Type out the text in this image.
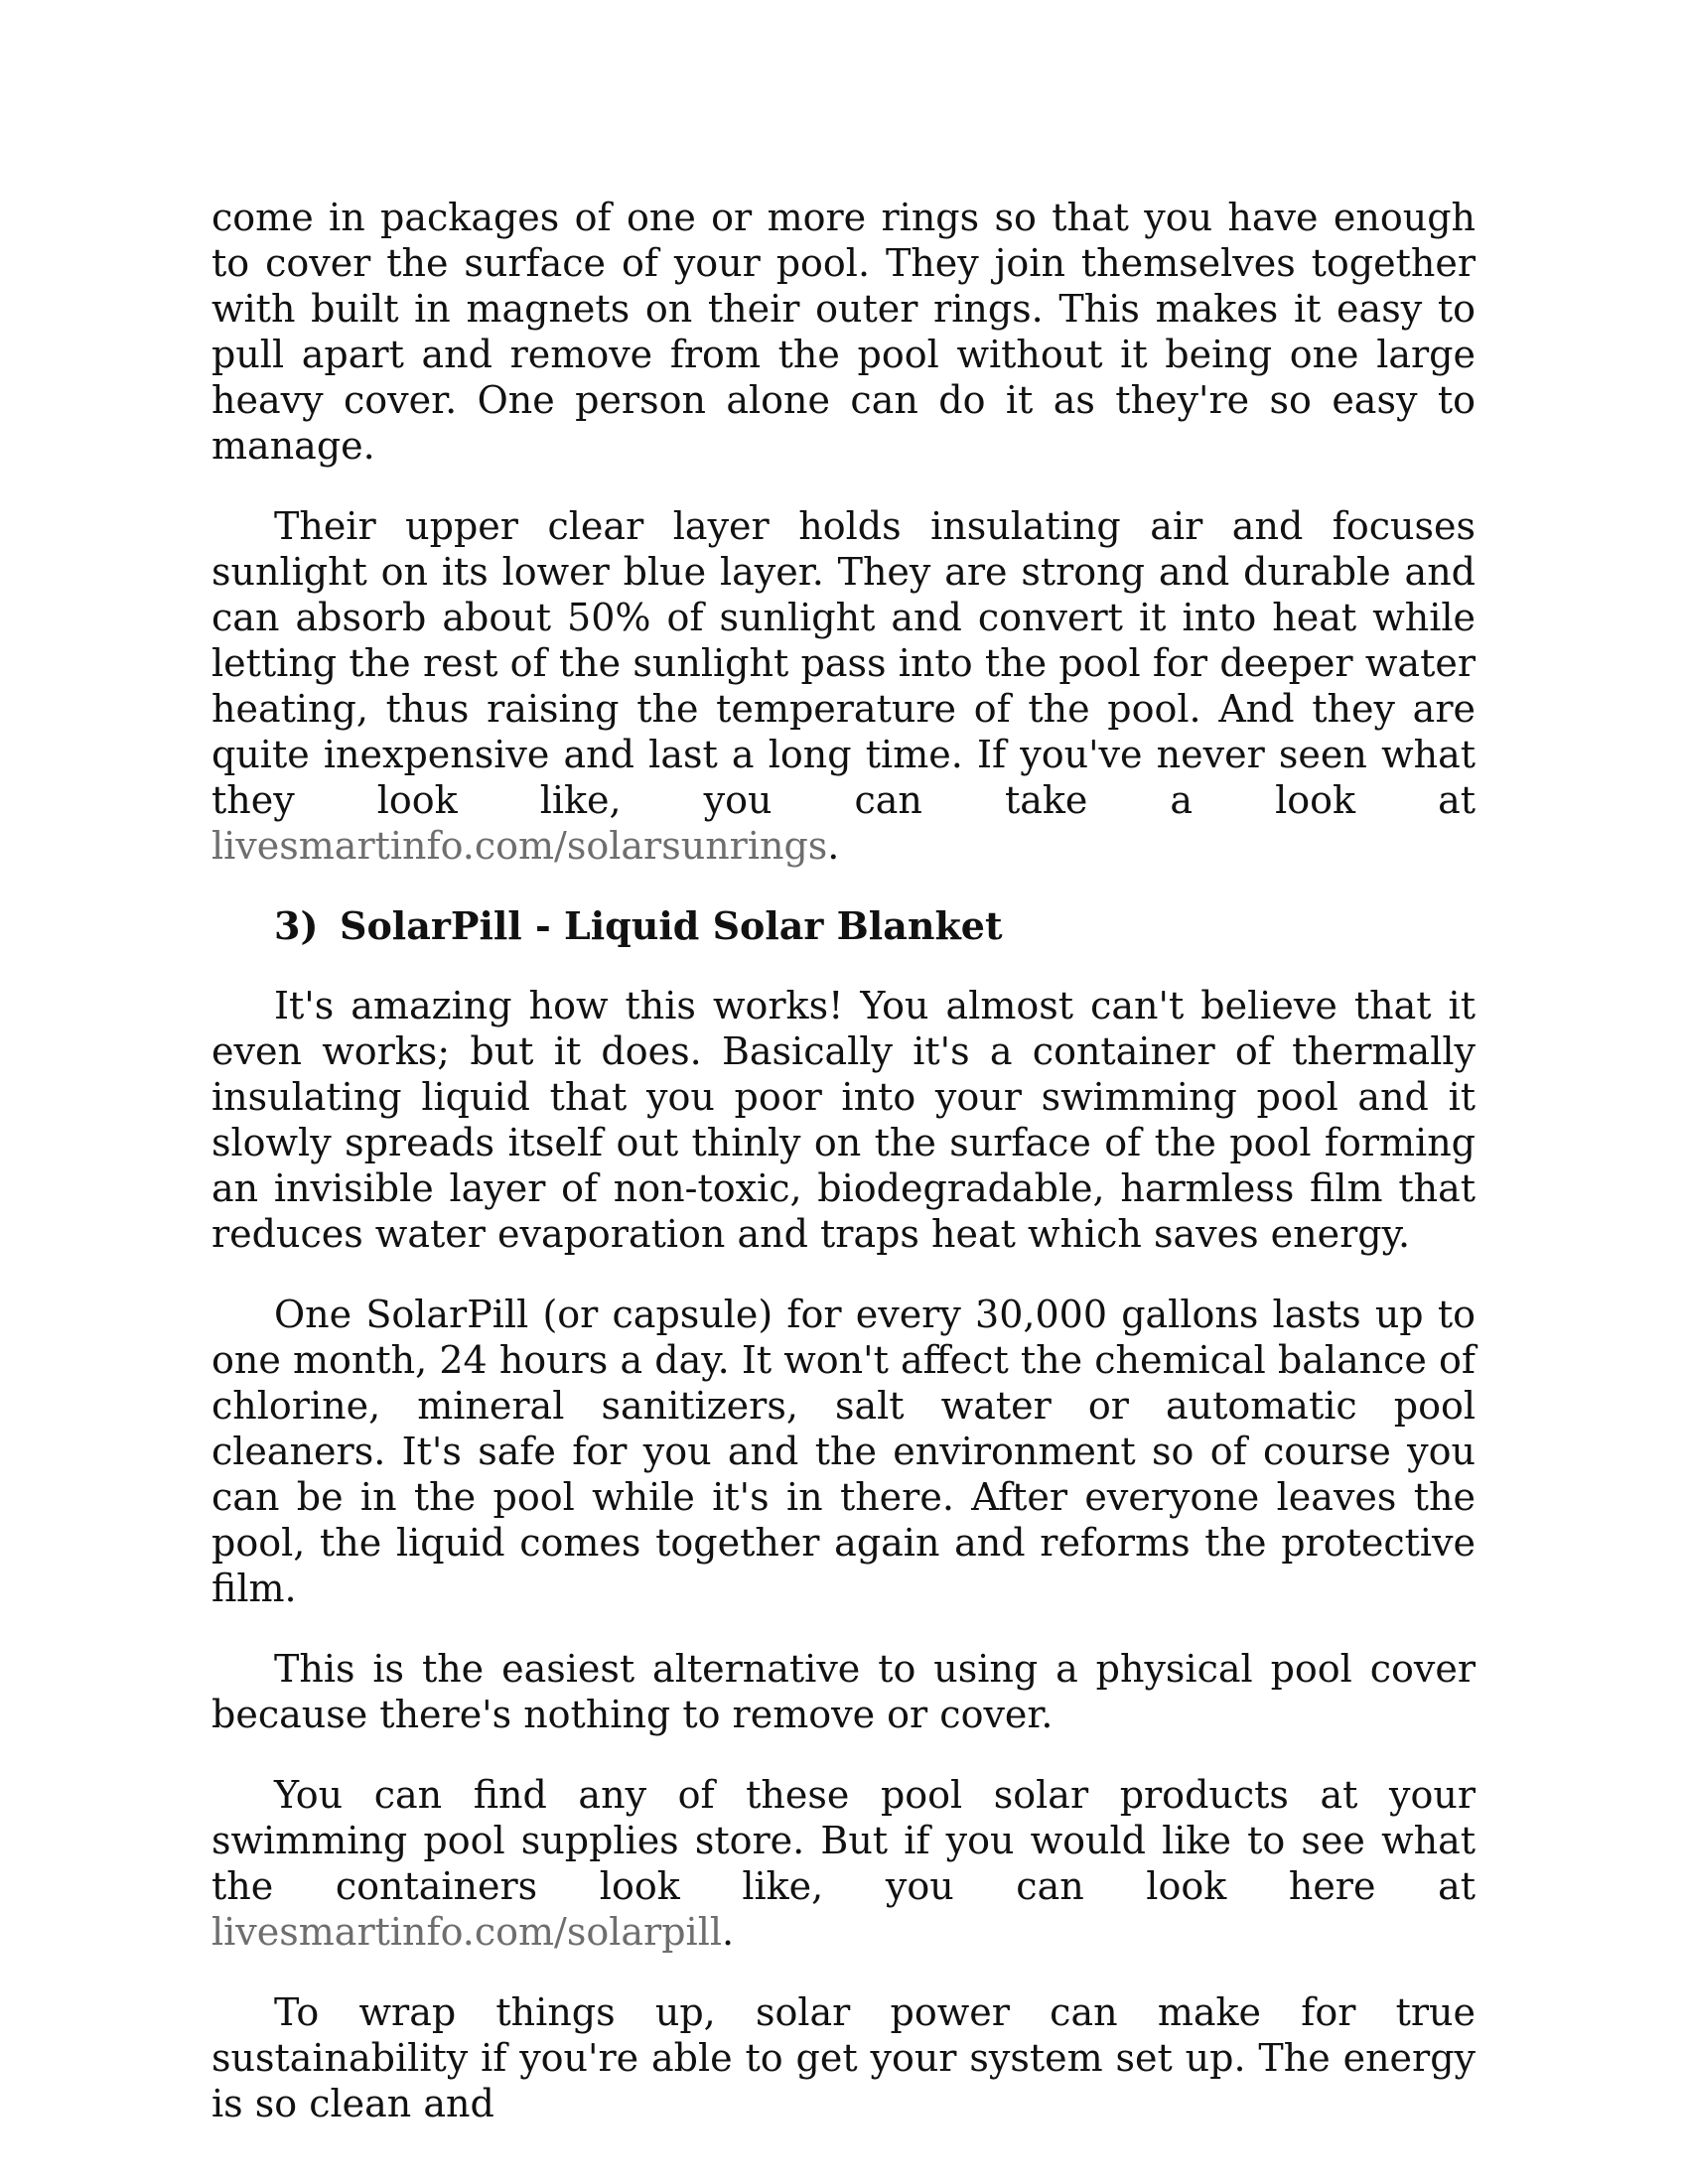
come in packages of one or more rings so that you have enough to cover the surface of your pool. They join themselves together with built in magnets on their outer rings. This makes it easy to pull apart and remove from the pool without it being one large heavy cover. One person alone can do it as they're so easy to manage.

Their upper clear layer holds insulating air and focuses sunlight on its lower blue layer. They are strong and durable and can absorb about 50% of sunlight and convert it into heat while letting the rest of the sunlight pass into the pool for deeper water heating, thus raising the temperature of the pool. And they are quite inexpensive and last a long time. If you've never seen what they look like, you can take a look at livesmartinfo.com/solarsunrings.

3) SolarPill - Liquid Solar Blanket

It's amazing how this works! You almost can't believe that it even works; but it does. Basically it's a container of thermally insulating liquid that you poor into your swimming pool and it slowly spreads itself out thinly on the surface of the pool forming an invisible layer of non-toxic, biodegradable, harmless film that reduces water evaporation and traps heat which saves energy.

One SolarPill (or capsule) for every 30,000 gallons lasts up to one month, 24 hours a day. It won't affect the chemical balance of chlorine, mineral sanitizers, salt water or automatic pool cleaners. It's safe for you and the environment so of course you can be in the pool while it's in there. After everyone leaves the pool, the liquid comes together again and reforms the protective film.

This is the easiest alternative to using a physical pool cover because there's nothing to remove or cover.

You can find any of these pool solar products at your swimming pool supplies store. But if you would like to see what the containers look like, you can look here at livesmartinfo.com/solarpill.

To wrap things up, solar power can make for true sustainability if you're able to get your system set up. The energy is so clean and
